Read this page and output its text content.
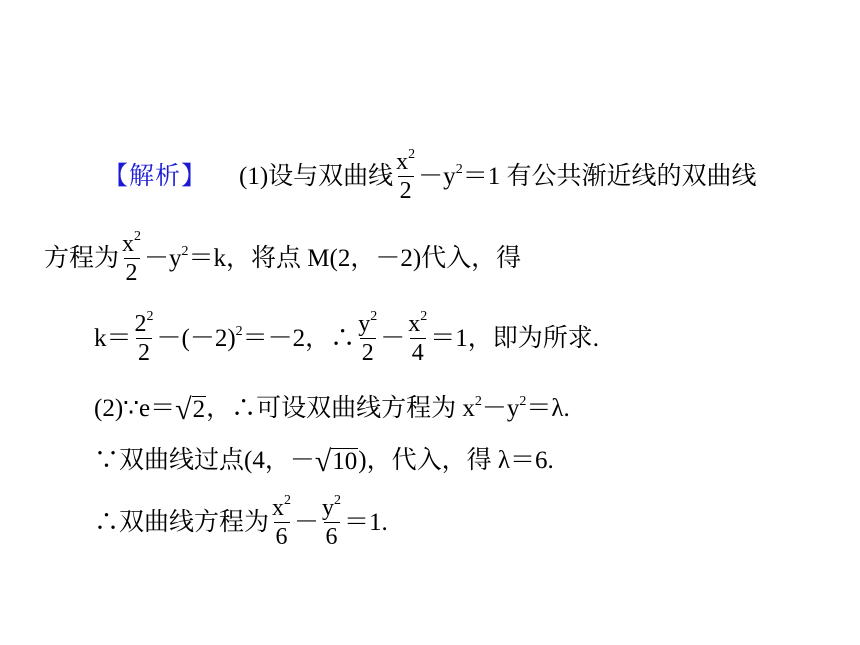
【解析】 (1)设与双曲线 $\frac{x^2}{2} -y^2 =1$ 有公共渐近线的双曲线
方程为 $\frac{x^2}{2} -y^2 =k$，将点 M(2，－2)代入，得
$k= \frac{2^2}{2} -(-2)^2 =-2$，∴ $\frac{y^2}{2} - \frac{x^2}{4} =1$，即为所求.
(2)∵e＝ √ 2 ，∴可设双曲线方程为 $x^2 -y^2 =\lambda$.
∵双曲线过点(4，－ √ 10 )，代入，得 λ＝6.
∴双曲线方程为 $\frac{x^2}{6} - \frac{y^2}{6} =1$.
